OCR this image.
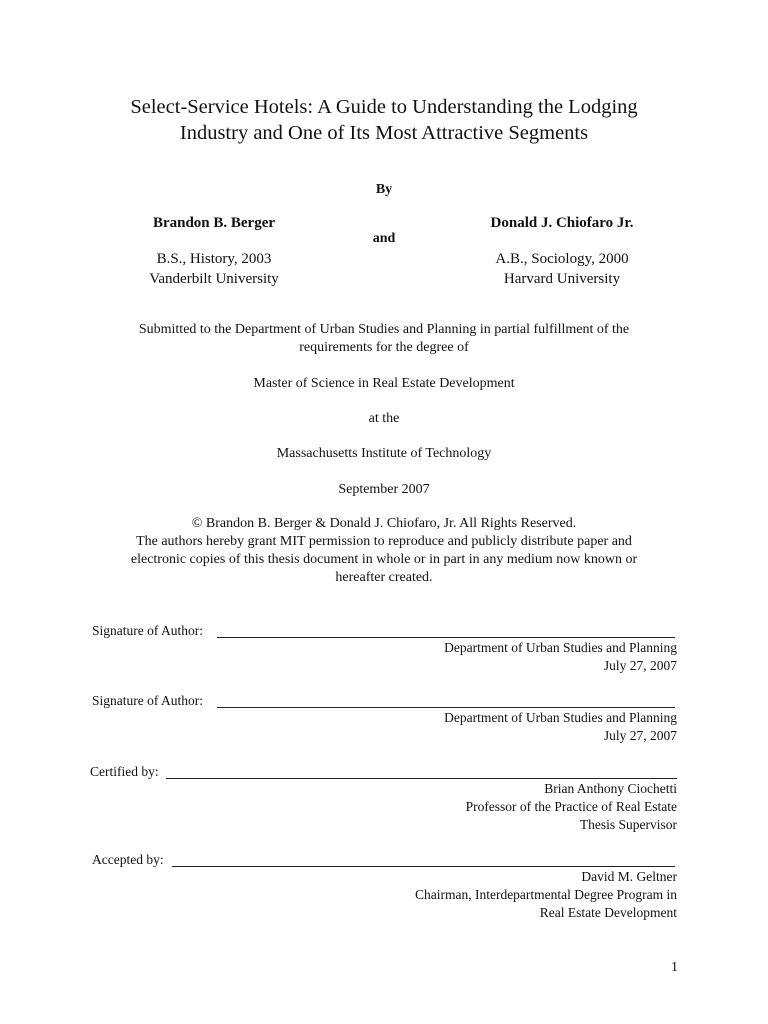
Select-Service Hotels: A Guide to Understanding the Lodging
Industry and One of Its Most Attractive Segments
By
Brandon B. Berger	Donald J. Chiofaro Jr.
and
B.S., History, 2003	A.B., Sociology, 2000
Vanderbilt University	Harvard University
Submitted to the Department of Urban Studies and Planning in partial fulfillment of the
requirements for the degree of
Master of Science in Real Estate Development
at the
Massachusetts Institute of Technology
September 2007
© Brandon B. Berger & Donald J. Chiofaro, Jr. All Rights Reserved.
The authors hereby grant MIT permission to reproduce and publicly distribute paper and
electronic copies of this thesis document in whole or in part in any medium now known or
hereafter created.
Signature of Author:
Department of Urban Studies and Planning
July 27, 2007
Signature of Author:
Department of Urban Studies and Planning
July 27, 2007
Certified by:
Brian Anthony Ciochetti
Professor of the Practice of Real Estate
Thesis Supervisor
Accepted by:
David M. Geltner
Chairman, Interdepartmental Degree Program in
Real Estate Development
1
